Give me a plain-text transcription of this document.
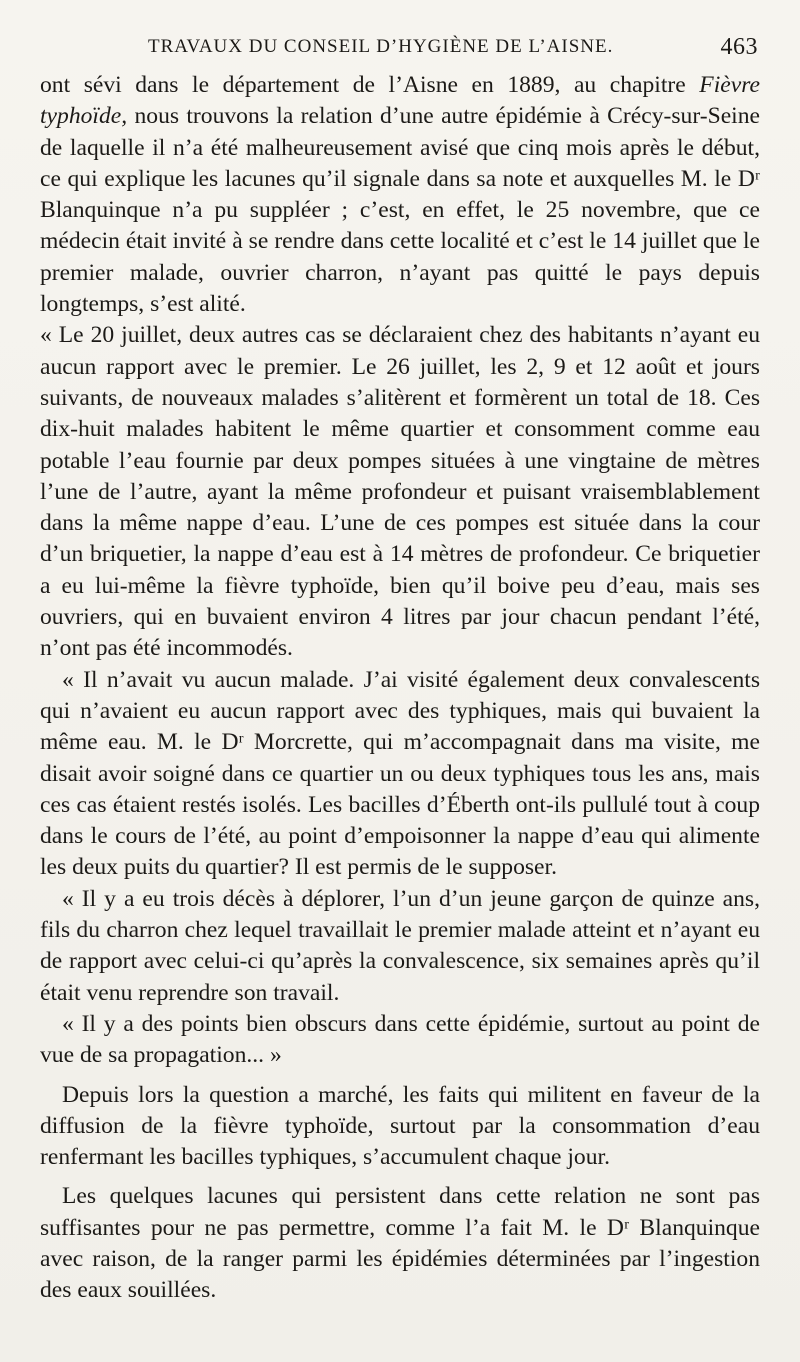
TRAVAUX DU CONSEIL D’HYGIÈNE DE L’AISNE.	463

ont sévi dans le département de l’Aisne en 1889, au chapitre Fièvre typhoïde, nous trouvons la relation d’une autre épidémie à Crécy-sur-Seine de laquelle il n’a été malheureusement avisé que cinq mois après le début, ce qui explique les lacunes qu’il signale dans sa note et auxquelles M. le Dʳ Blanquinque n’a pu suppléer ; c’est, en effet, le 25 novembre, que ce médecin était invité à se rendre dans cette localité et c’est le 14 juillet que le premier malade, ouvrier charron, n’ayant pas quitté le pays depuis longtemps, s’est alité.

« Le 20 juillet, deux autres cas se déclaraient chez des habitants n’ayant eu aucun rapport avec le premier. Le 26 juillet, les 2, 9 et 12 août et jours suivants, de nouveaux malades s’alitèrent et formèrent un total de 18. Ces dix-huit malades habitent le même quartier et consomment comme eau potable l’eau fournie par deux pompes situées à une vingtaine de mètres l’une de l’autre, ayant la même profondeur et puisant vraisemblablement dans la même nappe d’eau. L’une de ces pompes est située dans la cour d’un briquetier, la nappe d’eau est à 14 mètres de profondeur. Ce briquetier a eu lui-même la fièvre typhoïde, bien qu’il boive peu d’eau, mais ses ouvriers, qui en buvaient environ 4 litres par jour chacun pendant l’été, n’ont pas été incommodés.

« Il n’avait vu aucun malade. J’ai visité également deux convalescents qui n’avaient eu aucun rapport avec des typhiques, mais qui buvaient la même eau. M. le Dʳ Morcrette, qui m’accompagnait dans ma visite, me disait avoir soigné dans ce quartier un ou deux typhiques tous les ans, mais ces cas étaient restés isolés. Les bacilles d’Éberth ont-ils pullulé tout à coup dans le cours de l’été, au point d’empoisonner la nappe d’eau qui alimente les deux puits du quartier? Il est permis de le supposer.

« Il y a eu trois décès à déplorer, l’un d’un jeune garçon de quinze ans, fils du charron chez lequel travaillait le premier malade atteint et n’ayant eu de rapport avec celui-ci qu’après la convalescence, six semaines après qu’il était venu reprendre son travail.

« Il y a des points bien obscurs dans cette épidémie, surtout au point de vue de sa propagation... »

Depuis lors la question a marché, les faits qui militent en faveur de la diffusion de la fièvre typhoïde, surtout par la consommation d’eau renfermant les bacilles typhiques, s’accumulent chaque jour.

Les quelques lacunes qui persistent dans cette relation ne sont pas suffisantes pour ne pas permettre, comme l’a fait M. le Dʳ Blanquinque avec raison, de la ranger parmi les épidémies déterminées par l’ingestion des eaux souillées.
